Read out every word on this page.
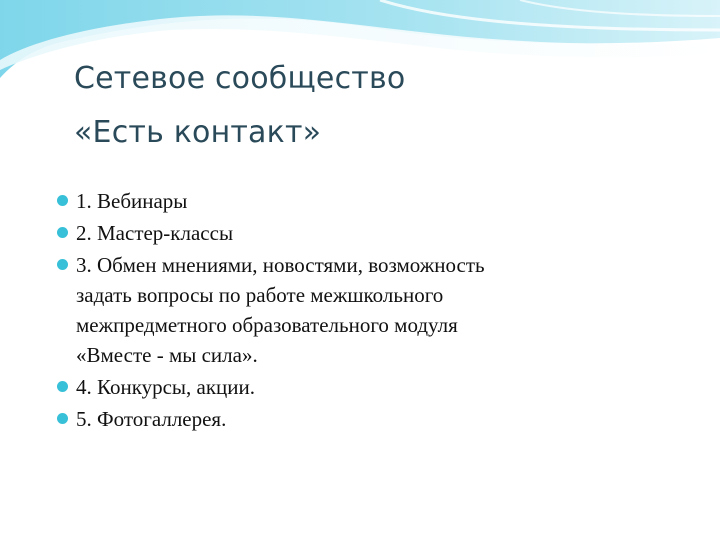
Сетевое сообщество
«Есть контакт»
1. Вебинары
2. Мастер-классы
3. Обмен мнениями, новостями, возможность
задать вопросы по работе межшкольного
межпредметного образовательного модуля
«Вместе - мы сила».
4. Конкурсы, акции.
5. Фотогаллерея.
